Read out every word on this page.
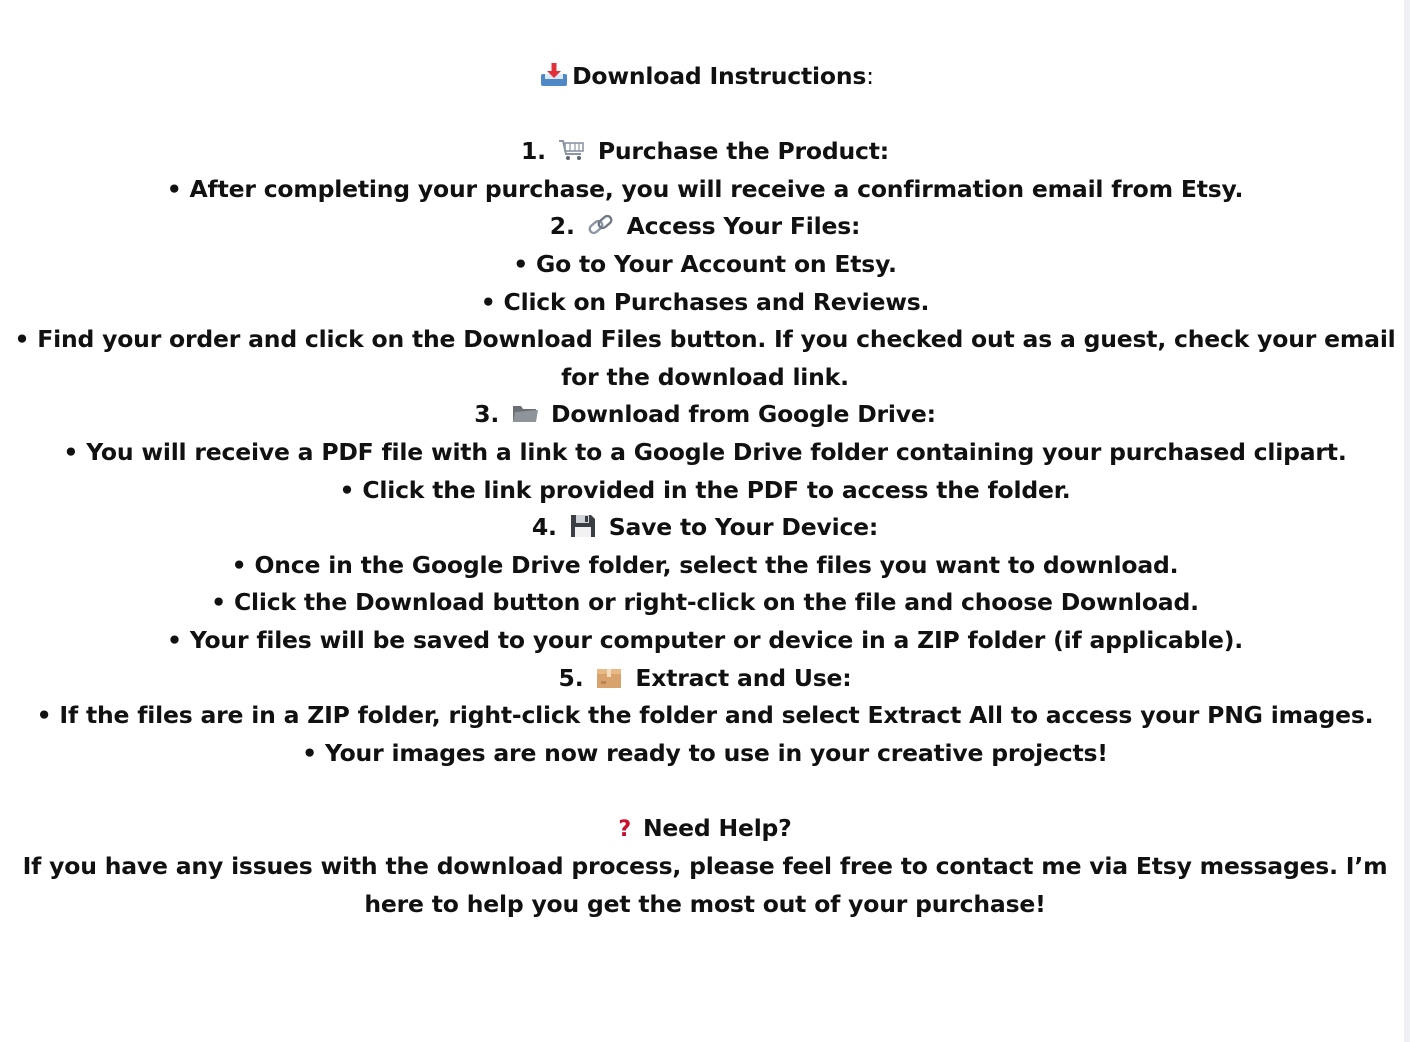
Download Instructions:
1. Purchase the Product:
• After completing your purchase, you will receive a confirmation email from Etsy.
2. Access Your Files:
• Go to Your Account on Etsy.
• Click on Purchases and Reviews.
• Find your order and click on the Download Files button. If you checked out as a guest, check your email
for the download link.
3. Download from Google Drive:
• You will receive a PDF file with a link to a Google Drive folder containing your purchased clipart.
• Click the link provided in the PDF to access the folder.
4. Save to Your Device:
• Once in the Google Drive folder, select the files you want to download.
• Click the Download button or right-click on the file and choose Download.
• Your files will be saved to your computer or device in a ZIP folder (if applicable).
5. Extract and Use:
• If the files are in a ZIP folder, right-click the folder and select Extract All to access your PNG images.
• Your images are now ready to use in your creative projects!
? Need Help?
If you have any issues with the download process, please feel free to contact me via Etsy messages. I’m
here to help you get the most out of your purchase!
